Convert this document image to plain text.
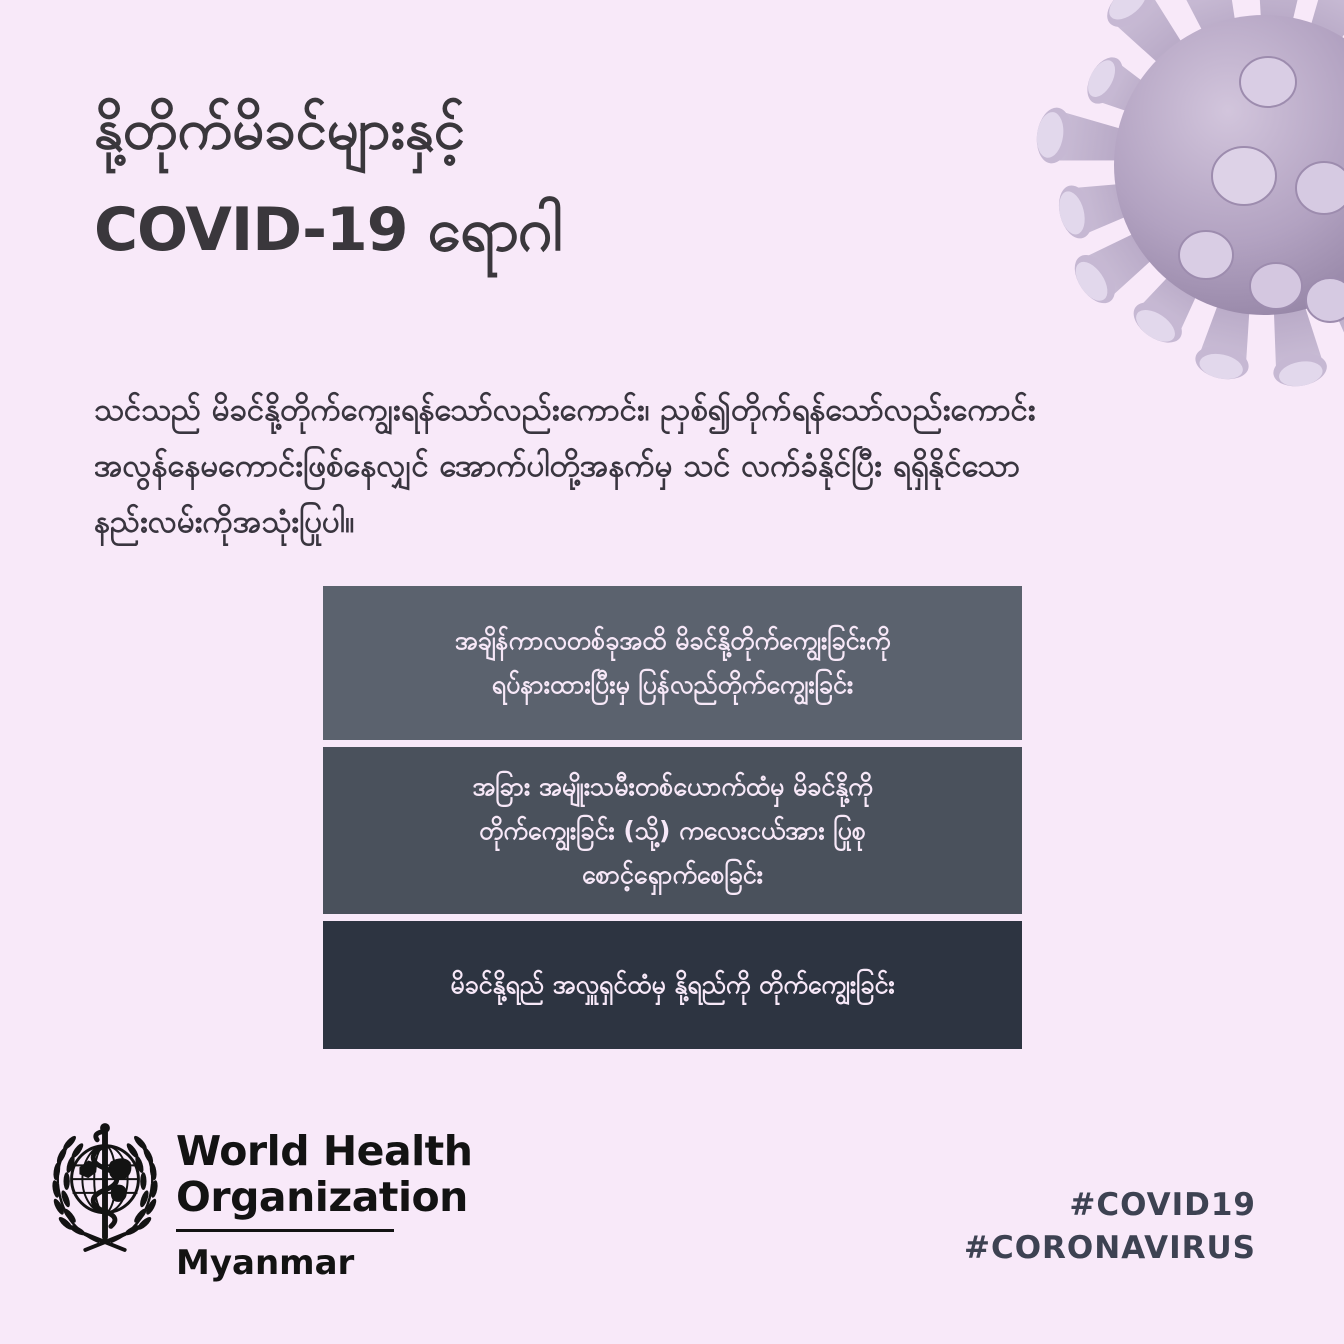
နို့တိုက်မိခင်များနှင့်
COVID-19 ရောဂါ
သင်သည် မိခင်နို့တိုက်ကျွေးရန်သော်လည်းကောင်း၊ ညှစ်၍တိုက်ရန်သော်လည်းကောင်း
အလွန်နေမကောင်းဖြစ်နေလျှင် အောက်ပါတို့အနက်မှ သင် လက်ခံနိုင်ပြီး ရရှိနိုင်သော
နည်းလမ်းကိုအသုံးပြုပါ။
အချိန်ကာလတစ်ခုအထိ မိခင်နို့တိုက်ကျွေးခြင်းကို
ရပ်နားထားပြီးမှ ပြန်လည်တိုက်ကျွေးခြင်း
အခြား အမျိုးသမီးတစ်ယောက်ထံမှ မိခင်နို့ကို
တိုက်ကျွေးခြင်း (သို့) ကလေးငယ်အား ပြုစု
စောင့်ရှောက်စေခြင်း
မိခင်နို့ရည် အလှူရှင်ထံမှ နို့ရည်ကို တိုက်ကျွေးခြင်း
World Health
Organization
Myanmar
#COVID19
#CORONAVIRUS
